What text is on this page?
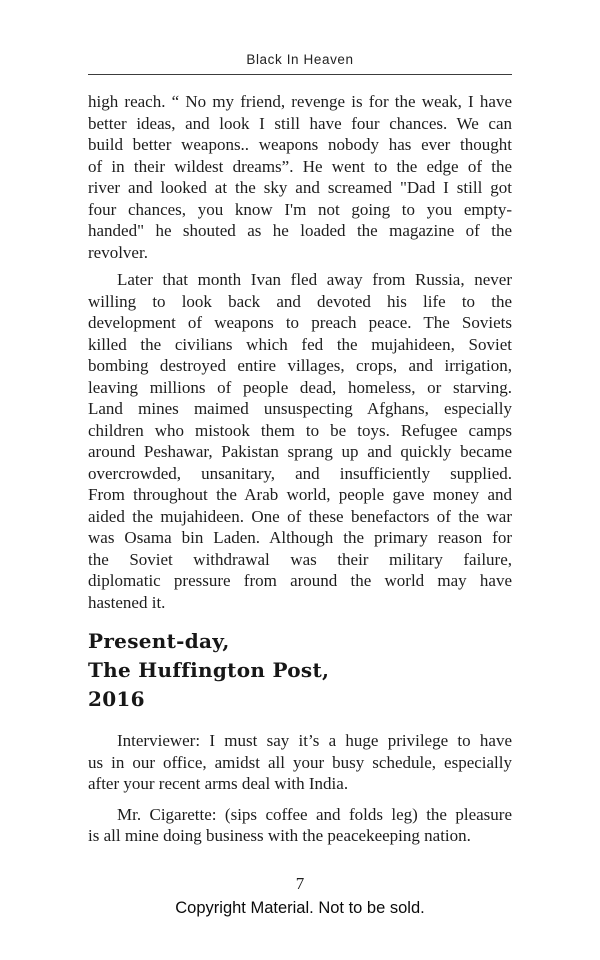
Black In Heaven
high reach. “ No my friend, revenge is for the weak, I have
better ideas, and look I still have four chances. We can
build better weapons.. weapons nobody has ever thought
of in their wildest dreams”. He went to the edge of the
river and looked at the sky and screamed "Dad I still got
four chances, you know I'm not going to you empty-
handed" he shouted as he loaded the magazine of the
revolver.
Later that month Ivan fled away from Russia, never
willing to look back and devoted his life to the
development of weapons to preach peace. The Soviets
killed the civilians which fed the mujahideen, Soviet
bombing destroyed entire villages, crops, and irrigation,
leaving millions of people dead, homeless, or starving.
Land mines maimed unsuspecting Afghans, especially
children who mistook them to be toys. Refugee camps
around Peshawar, Pakistan sprang up and quickly became
overcrowded, unsanitary, and insufficiently supplied.
From throughout the Arab world, people gave money and
aided the mujahideen. One of these benefactors of the war
was Osama bin Laden. Although the primary reason for
the Soviet withdrawal was their military failure,
diplomatic pressure from around the world may have
hastened it.
Present-day,
The Huffington Post,
2016
Interviewer: I must say it’s a huge privilege to have
us in our office, amidst all your busy schedule, especially
after your recent arms deal with India.
Mr. Cigarette: (sips coffee and folds leg) the pleasure
is all mine doing business with the peacekeeping nation.
7
Copyright Material. Not to be sold.
